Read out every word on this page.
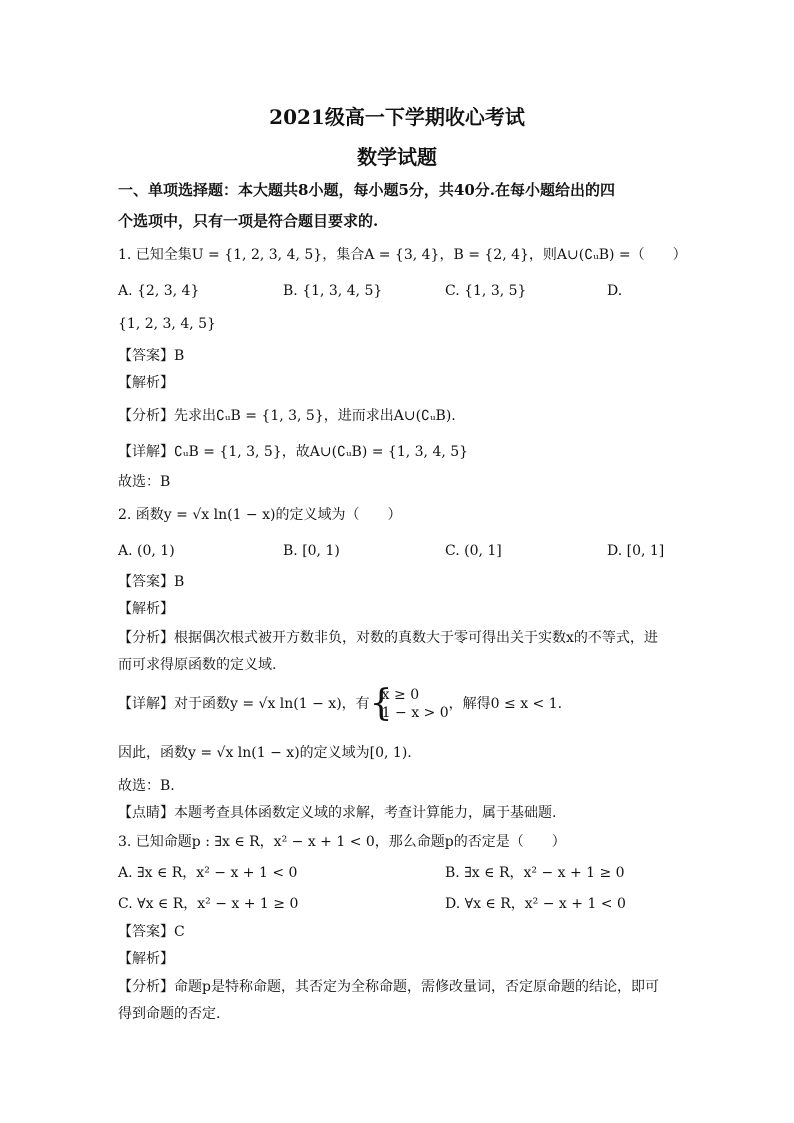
2021级高一下学期收心考试
数学试题
一、单项选择题：本大题共8小题，每小题5分，共40分.在每小题给出的四
个选项中，只有一项是符合题目要求的.
1. 已知全集U = {1, 2, 3, 4, 5}，集合A = {3, 4}，B = {2, 4}，则A∪(∁ᵤB) =（　　）
A. {2, 3, 4}	B. {1, 3, 4, 5}	C. {1, 3, 5}	D.
{1, 2, 3, 4, 5}
【答案】B
【解析】
【分析】先求出∁ᵤB = {1, 3, 5}，进而求出A∪(∁ᵤB).
【详解】∁ᵤB = {1, 3, 5}，故A∪(∁ᵤB) = {1, 3, 4, 5}
故选：B
2. 函数y = √x ln(1 − x)的定义域为（　　）
A. (0, 1)	B. [0, 1)	C. (0, 1]	D. [0, 1]
【答案】B
【解析】
【分析】根据偶次根式被开方数非负，对数的真数大于零可得出关于实数x的不等式，进
而可求得原函数的定义域.
【详解】对于函数y = √x ln(1 − x)，有
{ x ≥ 0
1 − x > 0
，解得0 ≤ x < 1.
因此，函数y = √x ln(1 − x)的定义域为[0, 1).
故选：B.
【点睛】本题考查具体函数定义域的求解，考查计算能力，属于基础题.
3. 已知命题p : ∃x ∈ R，x² − x + 1 < 0，那么命题p的否定是（　　）
A. ∃x ∈ R，x² − x + 1 < 0	B. ∃x ∈ R，x² − x + 1 ≥ 0
C. ∀x ∈ R，x² − x + 1 ≥ 0	D. ∀x ∈ R，x² − x + 1 < 0
【答案】C
【解析】
【分析】命题p是特称命题，其否定为全称命题，需修改量词，否定原命题的结论，即可
得到命题的否定.
